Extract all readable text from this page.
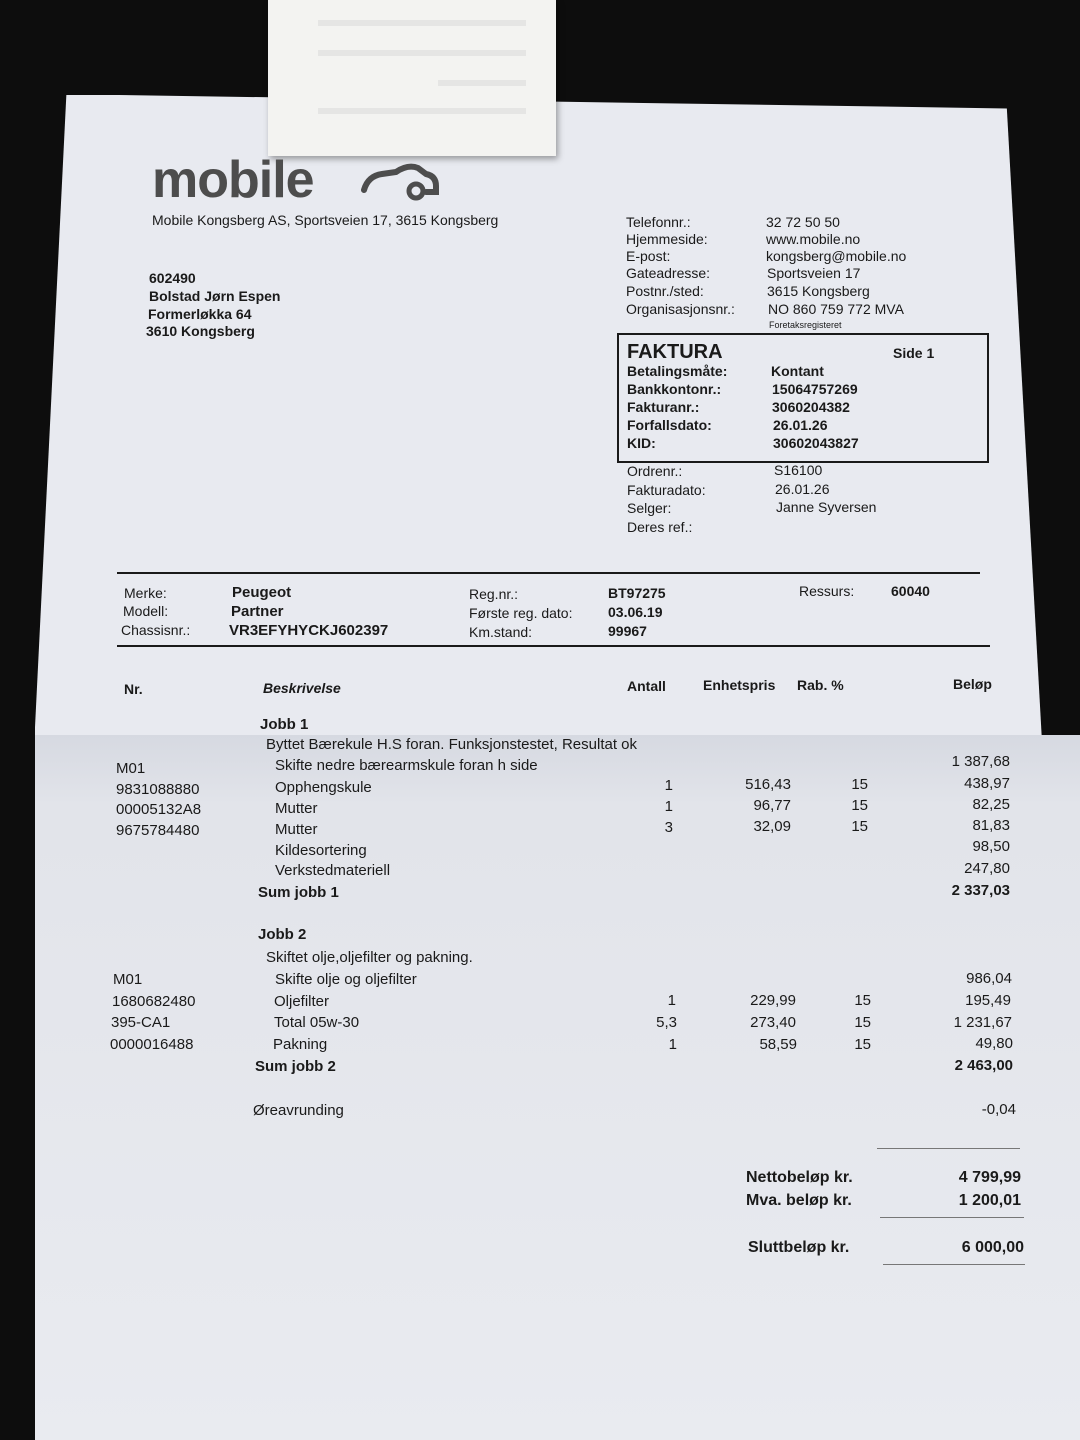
mobile
Mobile Kongsberg AS, Sportsveien 17, 3615 Kongsberg
602490
Bolstad Jørn Espen
Formerløkka 64
3610 Kongsberg
Telefonnr.:	32 72 50 50
Hjemmeside:	www.mobile.no
E-post:	kongsberg@mobile.no
Gateadresse:	Sportsveien 17
Postnr./sted:	3615 Kongsberg
Organisasjonsnr.: NO 860 759 772 MVA
Foretaksregisteret
FAKTURA	Side 1
Betalingsmåte:	Kontant
Bankkontonr.:	15064757269
Fakturanr.:	3060204382
Forfallsdato:	26.01.26
KID:	30602043827
Ordrenr.:	S16100
Fakturadato:	26.01.26
Selger:	Janne Syversen
Deres ref.:
Merke:	Peugeot
Modell:	Partner
Chassisnr.:	VR3EFYHYCKJ602397
Reg.nr.:	BT97275
Første reg. dato:	03.06.19
Km.stand:	99967
Ressurs:	60040
Nr.	Beskrivelse	Antall	Enhetspris Rab. %	Beløp
Jobb 1
Byttet Bærekule H.S foran. Funksjonstestet, Resultat ok
M01	Skifte nedre bærearmskule foran h side	1 387,68
9831088880	Opphengskule	1	516,43	15	438,97
00005132A8	Mutter	1	96,77	15	82,25
9675784480	Mutter	3	32,09	15	81,83
Kildesortering	98,50
Verkstedmateriell	247,80
Sum jobb 1	2 337,03
Jobb 2
Skiftet olje,oljefilter og pakning.
M01	Skifte olje og oljefilter	986,04
1680682480	Oljefilter	1	229,99	15	195,49
395-CA1	Total 05w-30	5,3	273,40	15	1 231,67
0000016488	Pakning	1	58,59	15	49,80
Sum jobb 2	2 463,00
Øreavrunding	-0,04
Nettobeløp kr.	4 799,99
Mva. beløp kr.	1 200,01
Sluttbeløp kr.	6 000,00
